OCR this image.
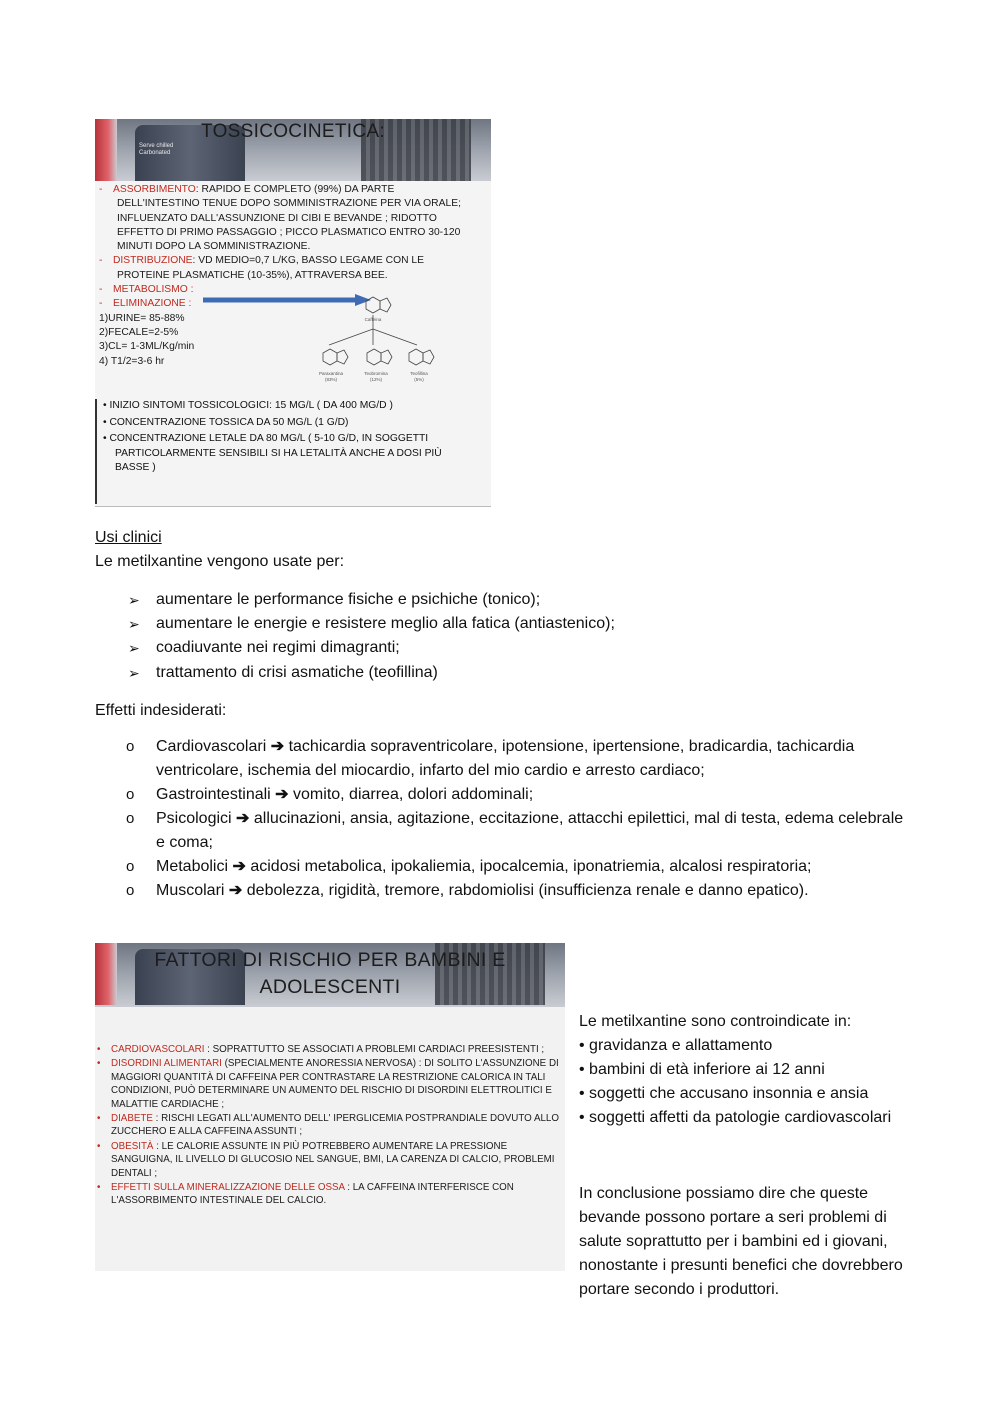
Serve chilled
Carbonated
TOSSICOCINETICA:

- ASSORBIMENTO: RAPIDO E COMPLETO (99%) DA PARTE

DELL'INTESTINO TENUE DOPO SOMMINISTRAZIONE PER VIA ORALE;
INFLUENZATO DALL'ASSUNZIONE DI CIBI E BEVANDE ; RIDOTTO
EFFETTO DI PRIMO PASSAGGIO ; PICCO PLASMATICO ENTRO 30-120
MINUTI DOPO LA SOMMINISTRAZIONE.

- DISTRIBUZIONE: VD MEDIO=0,7 L/KG, BASSO LEGAME CON LE

PROTEINE PLASMATICHE (10-35%), ATTRAVERSA BEE.

- METABOLISMO :

- ELIMINAZIONE :

1)URINE= 85-88%

2)FECALE=2-5%

3)CL= 1-3ML/Kg/min

4) T1/2=3-6 hr

Caffeina
Paraxantina	Teobromina	Teofillina
(83%)	(12%)	(5%)

• INIZIO SINTOMI TOSSICOLOGICI: 15 MG/L ( DA 400 MG/D )

• CONCENTRAZIONE TOSSICA DA 50 MG/L (1 G/D)

• CONCENTRAZIONE LETALE DA 80 MG/L ( 5-10 G/D, IN SOGGETTI PARTICOLARMENTE SENSIBILI SI HA LETALITÀ ANCHE A DOSI PIÙ BASSE )

Usi clinici
Le metilxantine vengono usate per:
➢ aumentare le performance fisiche e psichiche (tonico);
➢ aumentare le energie e resistere meglio alla fatica (antiastenico);
➢ coadiuvante nei regimi dimagranti;
➢ trattamento di crisi asmatiche (teofillina)
Effetti indesiderati:
o Cardiovascolari ➔ tachicardia sopraventricolare, ipotensione, ipertensione, bradicardia, tachicardia ventricolare, ischemia del miocardio, infarto del mio cardio e arresto cardiaco;
o Gastrointestinali ➔ vomito, diarrea, dolori addominali;
o Psicologici ➔ allucinazioni, ansia, agitazione, eccitazione, attacchi epilettici, mal di testa, edema celebrale e coma;
o Metabolici ➔ acidosi metabolica, ipokaliemia, ipocalcemia, iponatriemia, alcalosi respiratoria;
o Muscolari ➔ debolezza, rigidità, tremore, rabdomiolisi (insufficienza renale e danno epatico).
FATTORI DI RISCHIO PER BAMBINI E
ADOLESCENTI

• CARDIOVASCOLARI : SOPRATTUTTO SE ASSOCIATI A PROBLEMI CARDIACI PREESISTENTI ;

• DISORDINI ALIMENTARI (SPECIALMENTE ANORESSIA NERVOSA) : DI SOLITO L'ASSUNZIONE DI MAGGIORI QUANTITÀ DI CAFFEINA PER CONTRASTARE LA RESTRIZIONE CALORICA IN TALI CONDIZIONI, PUÒ DETERMINARE UN AUMENTO DEL RISCHIO DI DISORDINI ELETTROLITICI E MALATTIE CARDIACHE ;

• DIABETE : RISCHI LEGATI ALL'AUMENTO DELL' IPERGLICEMIA POSTPRANDIALE DOVUTO ALLO ZUCCHERO E ALLA CAFFEINA ASSUNTI ;

• OBESITÀ : LE CALORIE ASSUNTE IN PIÙ POTREBBERO AUMENTARE LA PRESSIONE SANGUIGNA, IL LIVELLO DI GLUCOSIO NEL SANGUE, BMI, LA CARENZA DI CALCIO, PROBLEMI DENTALI ;

• EFFETTI SULLA MINERALIZZAZIONE DELLE OSSA : LA CAFFEINA INTERFERISCE CON L'ASSORBIMENTO INTESTINALE DEL CALCIO.

Le metilxantine sono controindicate in:
• gravidanza e allattamento
• bambini di età inferiore ai 12 anni
• soggetti che accusano insonnia e ansia
• soggetti affetti da patologie cardiovascolari
In conclusione possiamo dire che queste
bevande possono portare a seri problemi di
salute soprattutto per i bambini ed i giovani,
nonostante i presunti benefici che dovrebbero
portare secondo i produttori.
